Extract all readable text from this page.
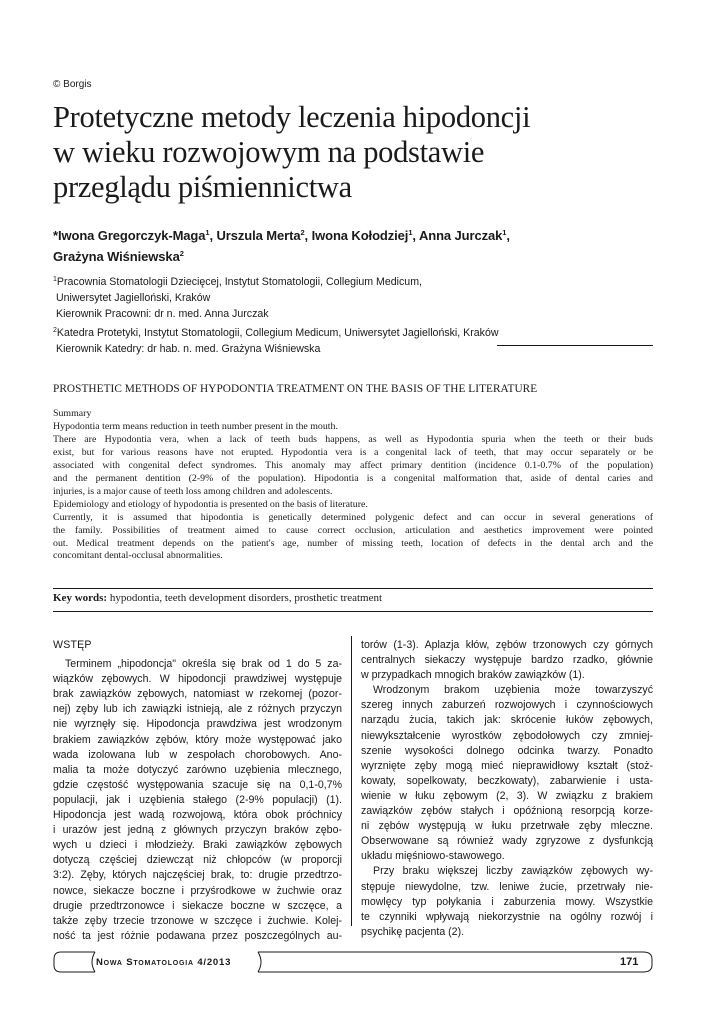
© Borgis
Protetyczne metody leczenia hipodoncji
w wieku rozwojowym na podstawie
przeglądu piśmiennictwa
*Iwona Gregorczyk-Maga$^1$, Urszula Merta$^2$, Iwona Kołodziej$^1$, Anna Jurczak$^1$,
Grażyna Wiśniewska$^2$
$^1$Pracownia Stomatologii Dziecięcej, Instytut Stomatologii, Collegium Medicum,
Uniwersytet Jagielloński, Kraków
Kierownik Pracowni: dr n. med. Anna Jurczak
$^2$Katedra Protetyki, Instytut Stomatologii, Collegium Medicum, Uniwersytet Jagielloński, Kraków
Kierownik Katedry: dr hab. n. med. Grażyna Wiśniewska
PROSTHETIC METHODS OF HYPODONTIA TREATMENT ON THE BASIS OF THE LITERATURE
Summary
Hypodontia term means reduction in teeth number present in the mouth.
There are Hypodontia vera, when a lack of teeth buds happens, as well as Hypodontia spuria when the teeth or their buds
exist, but for various reasons have not erupted. Hypodontia vera is a congenital lack of teeth, that may occur separately or be
associated with congenital defect syndromes. This anomaly may affect primary dentition (incidence 0.1-0.7% of the population)
and the permanent dentition (2-9% of the population). Hipodontia is a congenital malformation that, aside of dental caries and
injuries, is a major cause of teeth loss among children and adolescents.
Epidemiology and etiology of hypodontia is presented on the basis of literature.
Currently, it is assumed that hipodontia is genetically determined polygenic defect and can occur in several generations of
the family. Possibilities of treatment aimed to cause correct occlusion, articulation and aesthetics improvement were pointed
out. Medical treatment depends on the patient's age, number of missing teeth, location of defects in the dental arch and the
concomitant dental-occlusal abnormalities.
Key words: hypodontia, teeth development disorders, prosthetic treatment
WSTĘP
Terminem „hipodoncja" określa się brak od 1 do 5 za-
wiązków zębowych. W hipodoncji prawdziwej występuje
brak zawiązków zębowych, natomiast w rzekomej (pozor-
nej) zęby lub ich zawiązki istnieją, ale z różnych przyczyn
nie wyrznęły się. Hipodoncja prawdziwa jest wrodzonym
brakiem zawiązków zębów, który może występować jako
wada izolowana lub w zespołach chorobowych. Ano-
malia ta może dotyczyć zarówno uzębienia mlecznego,
gdzie częstość występowania szacuje się na 0,1-0,7%
populacji, jak i uzębienia stałego (2-9% populacji) (1).
Hipodoncja jest wadą rozwojową, która obok próchnicy
i urazów jest jedną z głównych przyczyn braków zębo-
wych u dzieci i młodzieży. Braki zawiązków zębowych
dotyczą częściej dziewcząt niż chłopców (w proporcji
3:2). Zęby, których najczęściej brak, to: drugie przedtrzo-
nowce, siekacze boczne i przyśrodkowe w żuchwie oraz
drugie przedtrzonowce i siekacze boczne w szczęce, a
także zęby trzecie trzonowe w szczęce i żuchwie. Kolej-
ność ta jest różnie podawana przez poszczególnych au-
torów (1-3). Aplazja kłów, zębów trzonowych czy górnych
centralnych siekaczy występuje bardzo rzadko, głównie
w przypadkach mnogich braków zawiązków (1).
Wrodzonym brakom uzębienia może towarzyszyć
szereg innych zaburzeń rozwojowych i czynnościowych
narządu żucia, takich jak: skrócenie łuków zębowych,
niewykształcenie wyrostków zębodołowych czy zmniej-
szenie wysokości dolnego odcinka twarzy. Ponadto
wyrznięte zęby mogą mieć nieprawidłowy kształt (stoż-
kowaty, sopelkowaty, beczkowaty), zabarwienie i usta-
wienie w łuku zębowym (2, 3). W związku z brakiem
zawiązków zębów stałych i opóźnioną resorpcją korze-
ni zębów występują w łuku przetrwałe zęby mleczne.
Obserwowane są również wady zgryzowe z dysfunkcją
układu mięśniowo-stawowego.
Przy braku większej liczby zawiązków zębowych wy-
stępuje niewydolne, tzw. leniwe żucie, przetrwały nie-
mowlęcy typ połykania i zaburzenia mowy. Wszystkie
te czynniki wpływają niekorzystnie na ogólny rozwój i
psychikę pacjenta (2).
Nowa Stomatologia 4/2013	171
